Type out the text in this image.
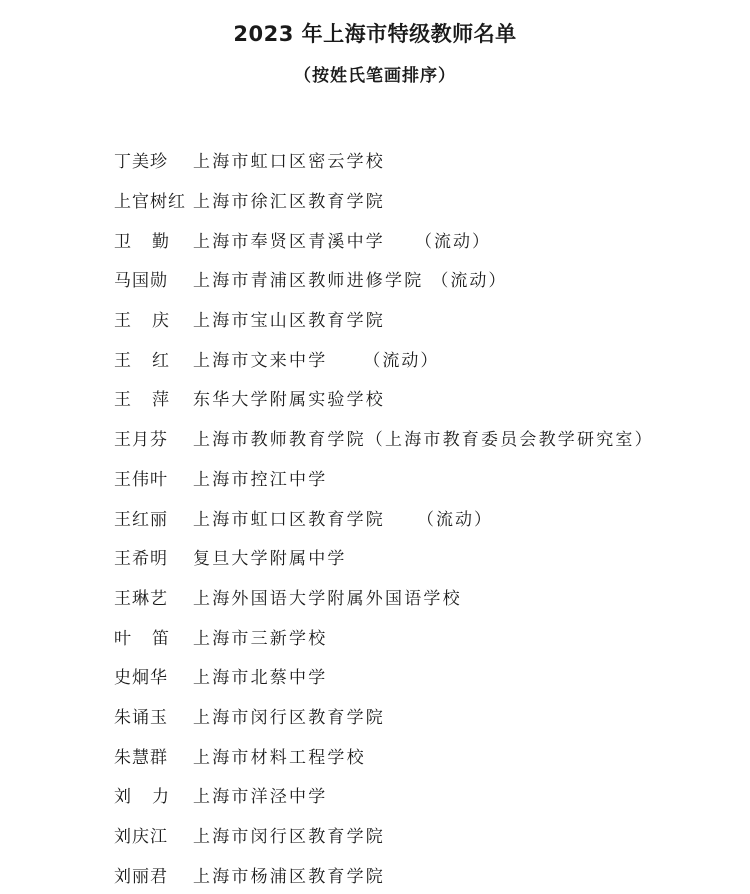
2023 年上海市特级教师名单
（按姓氏笔画排序）
丁美珍	上海市虹口区密云学校
上官树红 上海市徐汇区教育学院
卫 勤	上海市奉贤区青溪中学 （流动）
马国勋	上海市青浦区教师进修学院 （流动）
王 庆	上海市宝山区教育学院
王 红	上海市文来中学 （流动）
王 萍	东华大学附属实验学校
王月芬	上海市教师教育学院（上海市教育委员会教学研究室）
王伟叶	上海市控江中学
王红丽	上海市虹口区教育学院 （流动）
王希明	复旦大学附属中学
王琳艺	上海外国语大学附属外国语学校
叶 笛	上海市三新学校
史炯华	上海市北蔡中学
朱诵玉	上海市闵行区教育学院
朱慧群	上海市材料工程学校
刘 力	上海市洋泾中学
刘庆江	上海市闵行区教育学院
刘丽君	上海市杨浦区教育学院
